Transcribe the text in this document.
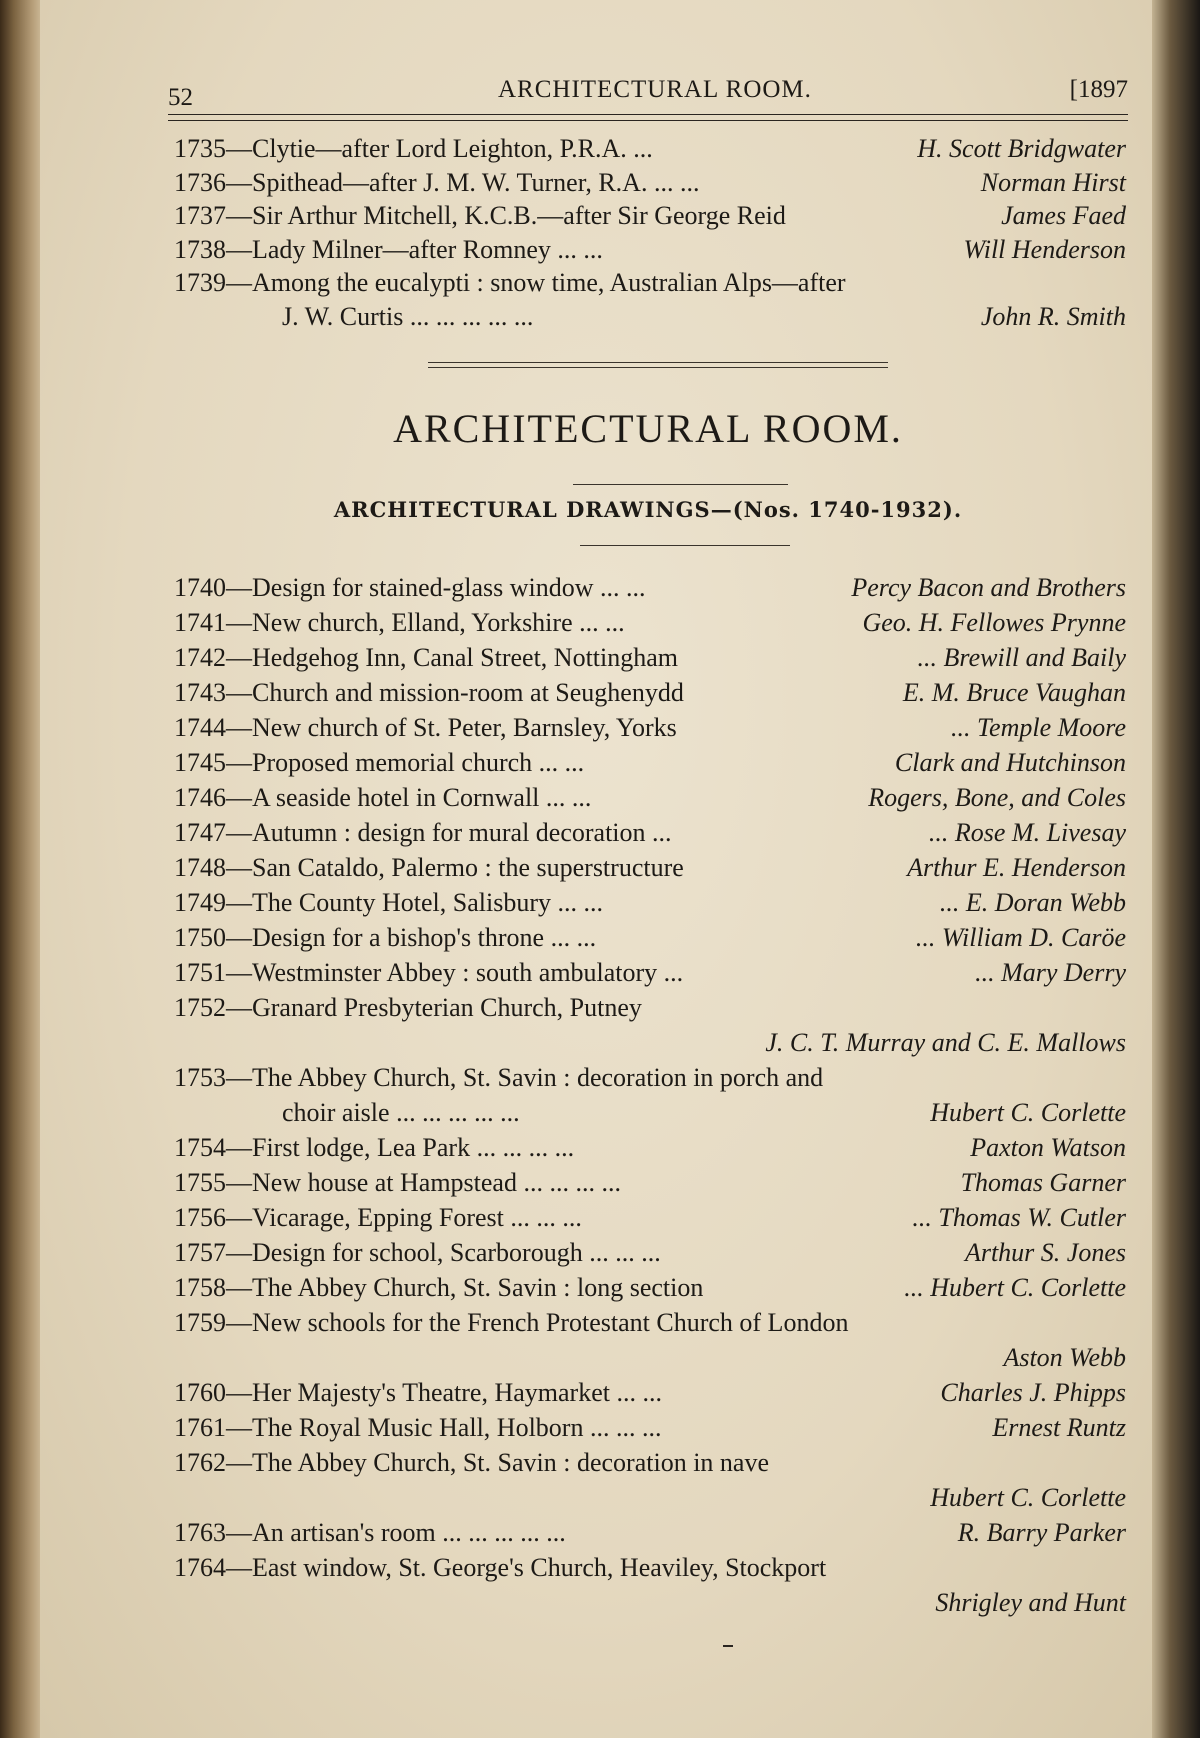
52	ARCHITECTURAL ROOM.	[1897
1735—Clytie—after Lord Leighton, P.R.A. ...	H. Scott Bridgwater
1736—Spithead—after J. M. W. Turner, R.A. ... ...	Norman Hirst
1737—Sir Arthur Mitchell, K.C.B.—after Sir George Reid	James Faed
1738—Lady Milner—after Romney ... ...	Will Henderson
1739—Among the eucalypti : snow time, Australian Alps—after
J. W. Curtis ... ... ... ... ...	John R. Smith
ARCHITECTURAL ROOM.
ARCHITECTURAL DRAWINGS—(Nos. 1740-1932).
1740—Design for stained-glass window ... ...	Percy Bacon and Brothers
1741—New church, Elland, Yorkshire ... ...	Geo. H. Fellowes Prynne
1742—Hedgehog Inn, Canal Street, Nottingham	... Brewill and Baily
1743—Church and mission-room at Seughenydd	E. M. Bruce Vaughan
1744—New church of St. Peter, Barnsley, Yorks	... Temple Moore
1745—Proposed memorial church ... ...	Clark and Hutchinson
1746—A seaside hotel in Cornwall ... ...	Rogers, Bone, and Coles
1747—Autumn : design for mural decoration ...	... Rose M. Livesay
1748—San Cataldo, Palermo : the superstructure	Arthur E. Henderson
1749—The County Hotel, Salisbury ... ...	... E. Doran Webb
1750—Design for a bishop's throne ... ...	... William D. Caröe
1751—Westminster Abbey : south ambulatory ...	... Mary Derry
1752—Granard Presbyterian Church, Putney
J. C. T. Murray and C. E. Mallows
1753—The Abbey Church, St. Savin : decoration in porch and
choir aisle ... ... ... ... ...	Hubert C. Corlette
1754—First lodge, Lea Park ... ... ... ...	Paxton Watson
1755—New house at Hampstead ... ... ... ...	Thomas Garner
1756—Vicarage, Epping Forest ... ... ...	... Thomas W. Cutler
1757—Design for school, Scarborough ... ... ...	Arthur S. Jones
1758—The Abbey Church, St. Savin : long section	... Hubert C. Corlette
1759—New schools for the French Protestant Church of London
Aston Webb
1760—Her Majesty's Theatre, Haymarket ... ...	Charles J. Phipps
1761—The Royal Music Hall, Holborn ... ... ...	Ernest Runtz
1762—The Abbey Church, St. Savin : decoration in nave
Hubert C. Corlette
1763—An artisan's room ... ... ... ... ...	R. Barry Parker
1764—East window, St. George's Church, Heaviley, Stockport
Shrigley and Hunt
